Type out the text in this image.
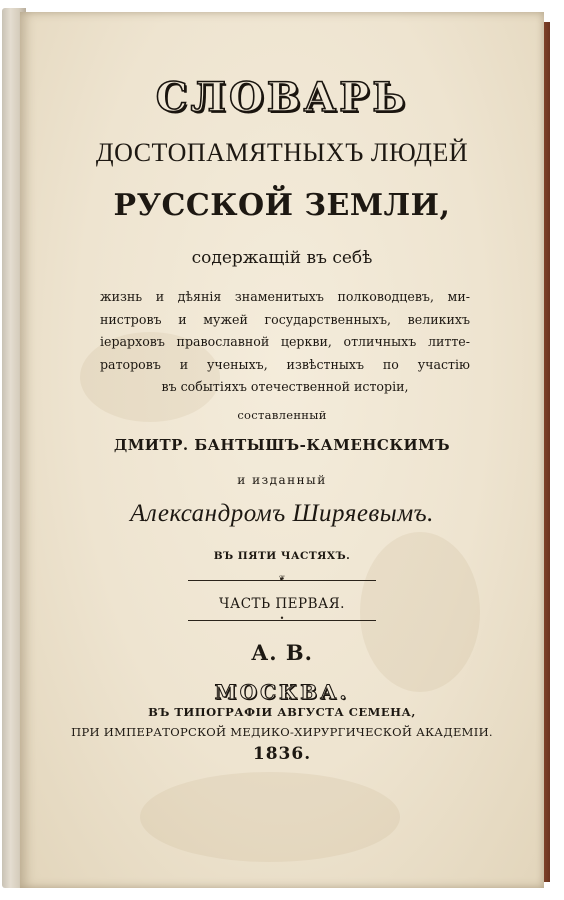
СЛОВАРЬ
ДОСТОПАМЯТНЫХЪ ЛЮДЕЙ
РУССКОЙ ЗЕМЛИ,
содержащій въ себѣ
жизнь и дѣянія знаменитыхъ полководцевъ, ми-
нистровъ и мужей государственныхъ, великихъ
іерарховъ православной церкви, отличныхъ литте-
раторовъ и ученыхъ, извѣстныхъ по участію
въ событіяхъ отечественной исторіи,
составленный
ДМИТР. БАНТЫШЪ-КАМЕНСКИМЪ
и изданный
Александромъ Ширяевымъ.
ВЪ ПЯТИ ЧАСТЯХЪ.
❦
ЧАСТЬ ПЕРВАЯ.
•
А. В.
МОСКВА.
ВЪ ТИПОГРАФІИ АВГУСТА СЕМЕНА,
ПРИ ИМПЕРАТОРСКОЙ МЕДИКО-ХИРУРГИЧЕСКОЙ АКАДЕМІИ.
1836.
